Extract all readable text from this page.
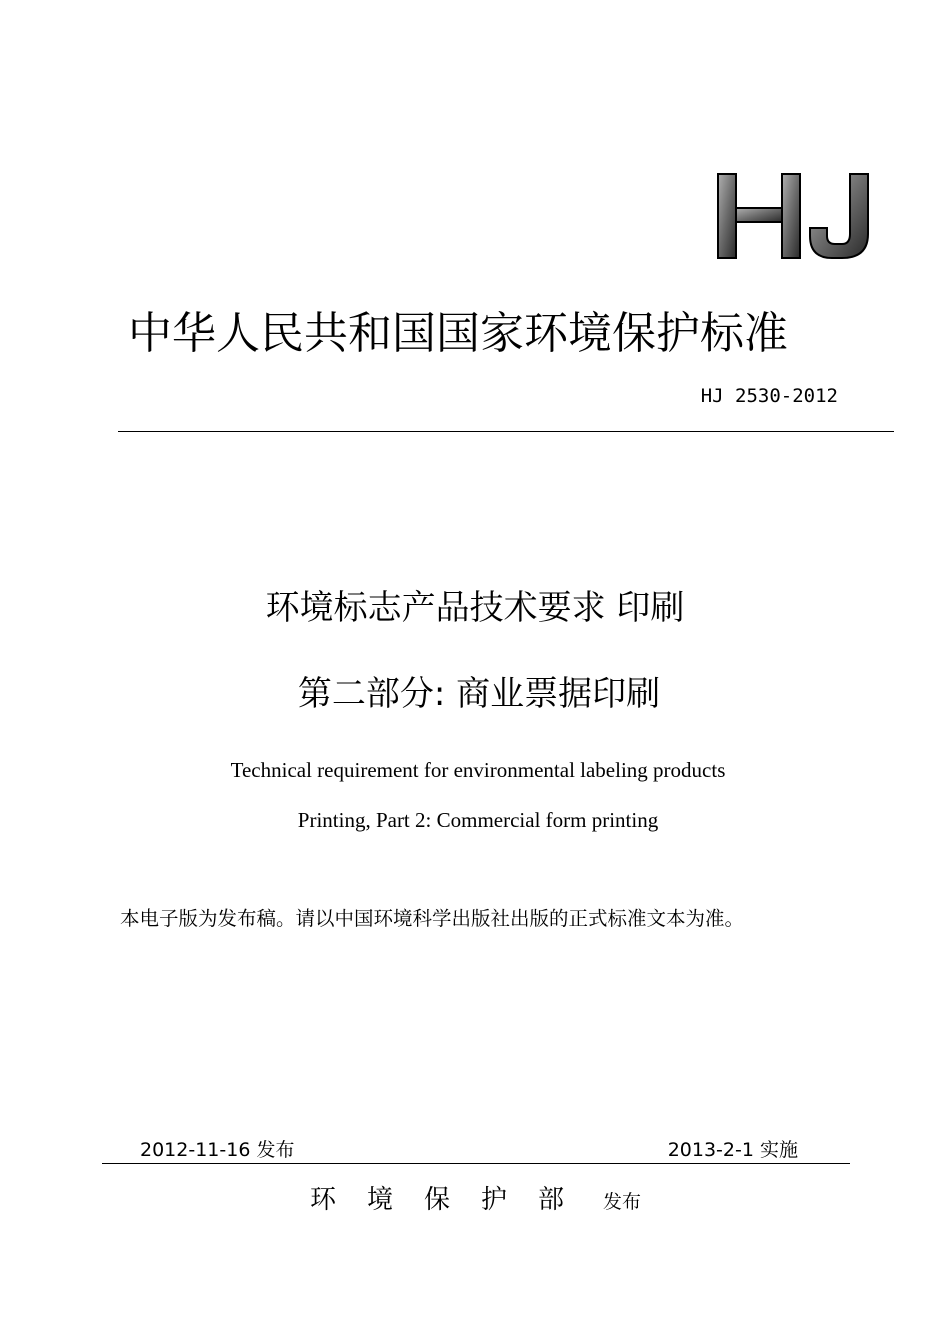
中华人民共和国国家环境保护标准
HJ 2530-2012
环境标志产品技术要求 印刷
第二部分: 商业票据印刷
Technical requirement for environmental labeling products
Printing, Part 2: Commercial form printing
本电子版为发布稿。请以中国环境科学出版社出版的正式标准文本为准。
2012-11-16 发布	2013-2-1 实施
环境保护部 发布
